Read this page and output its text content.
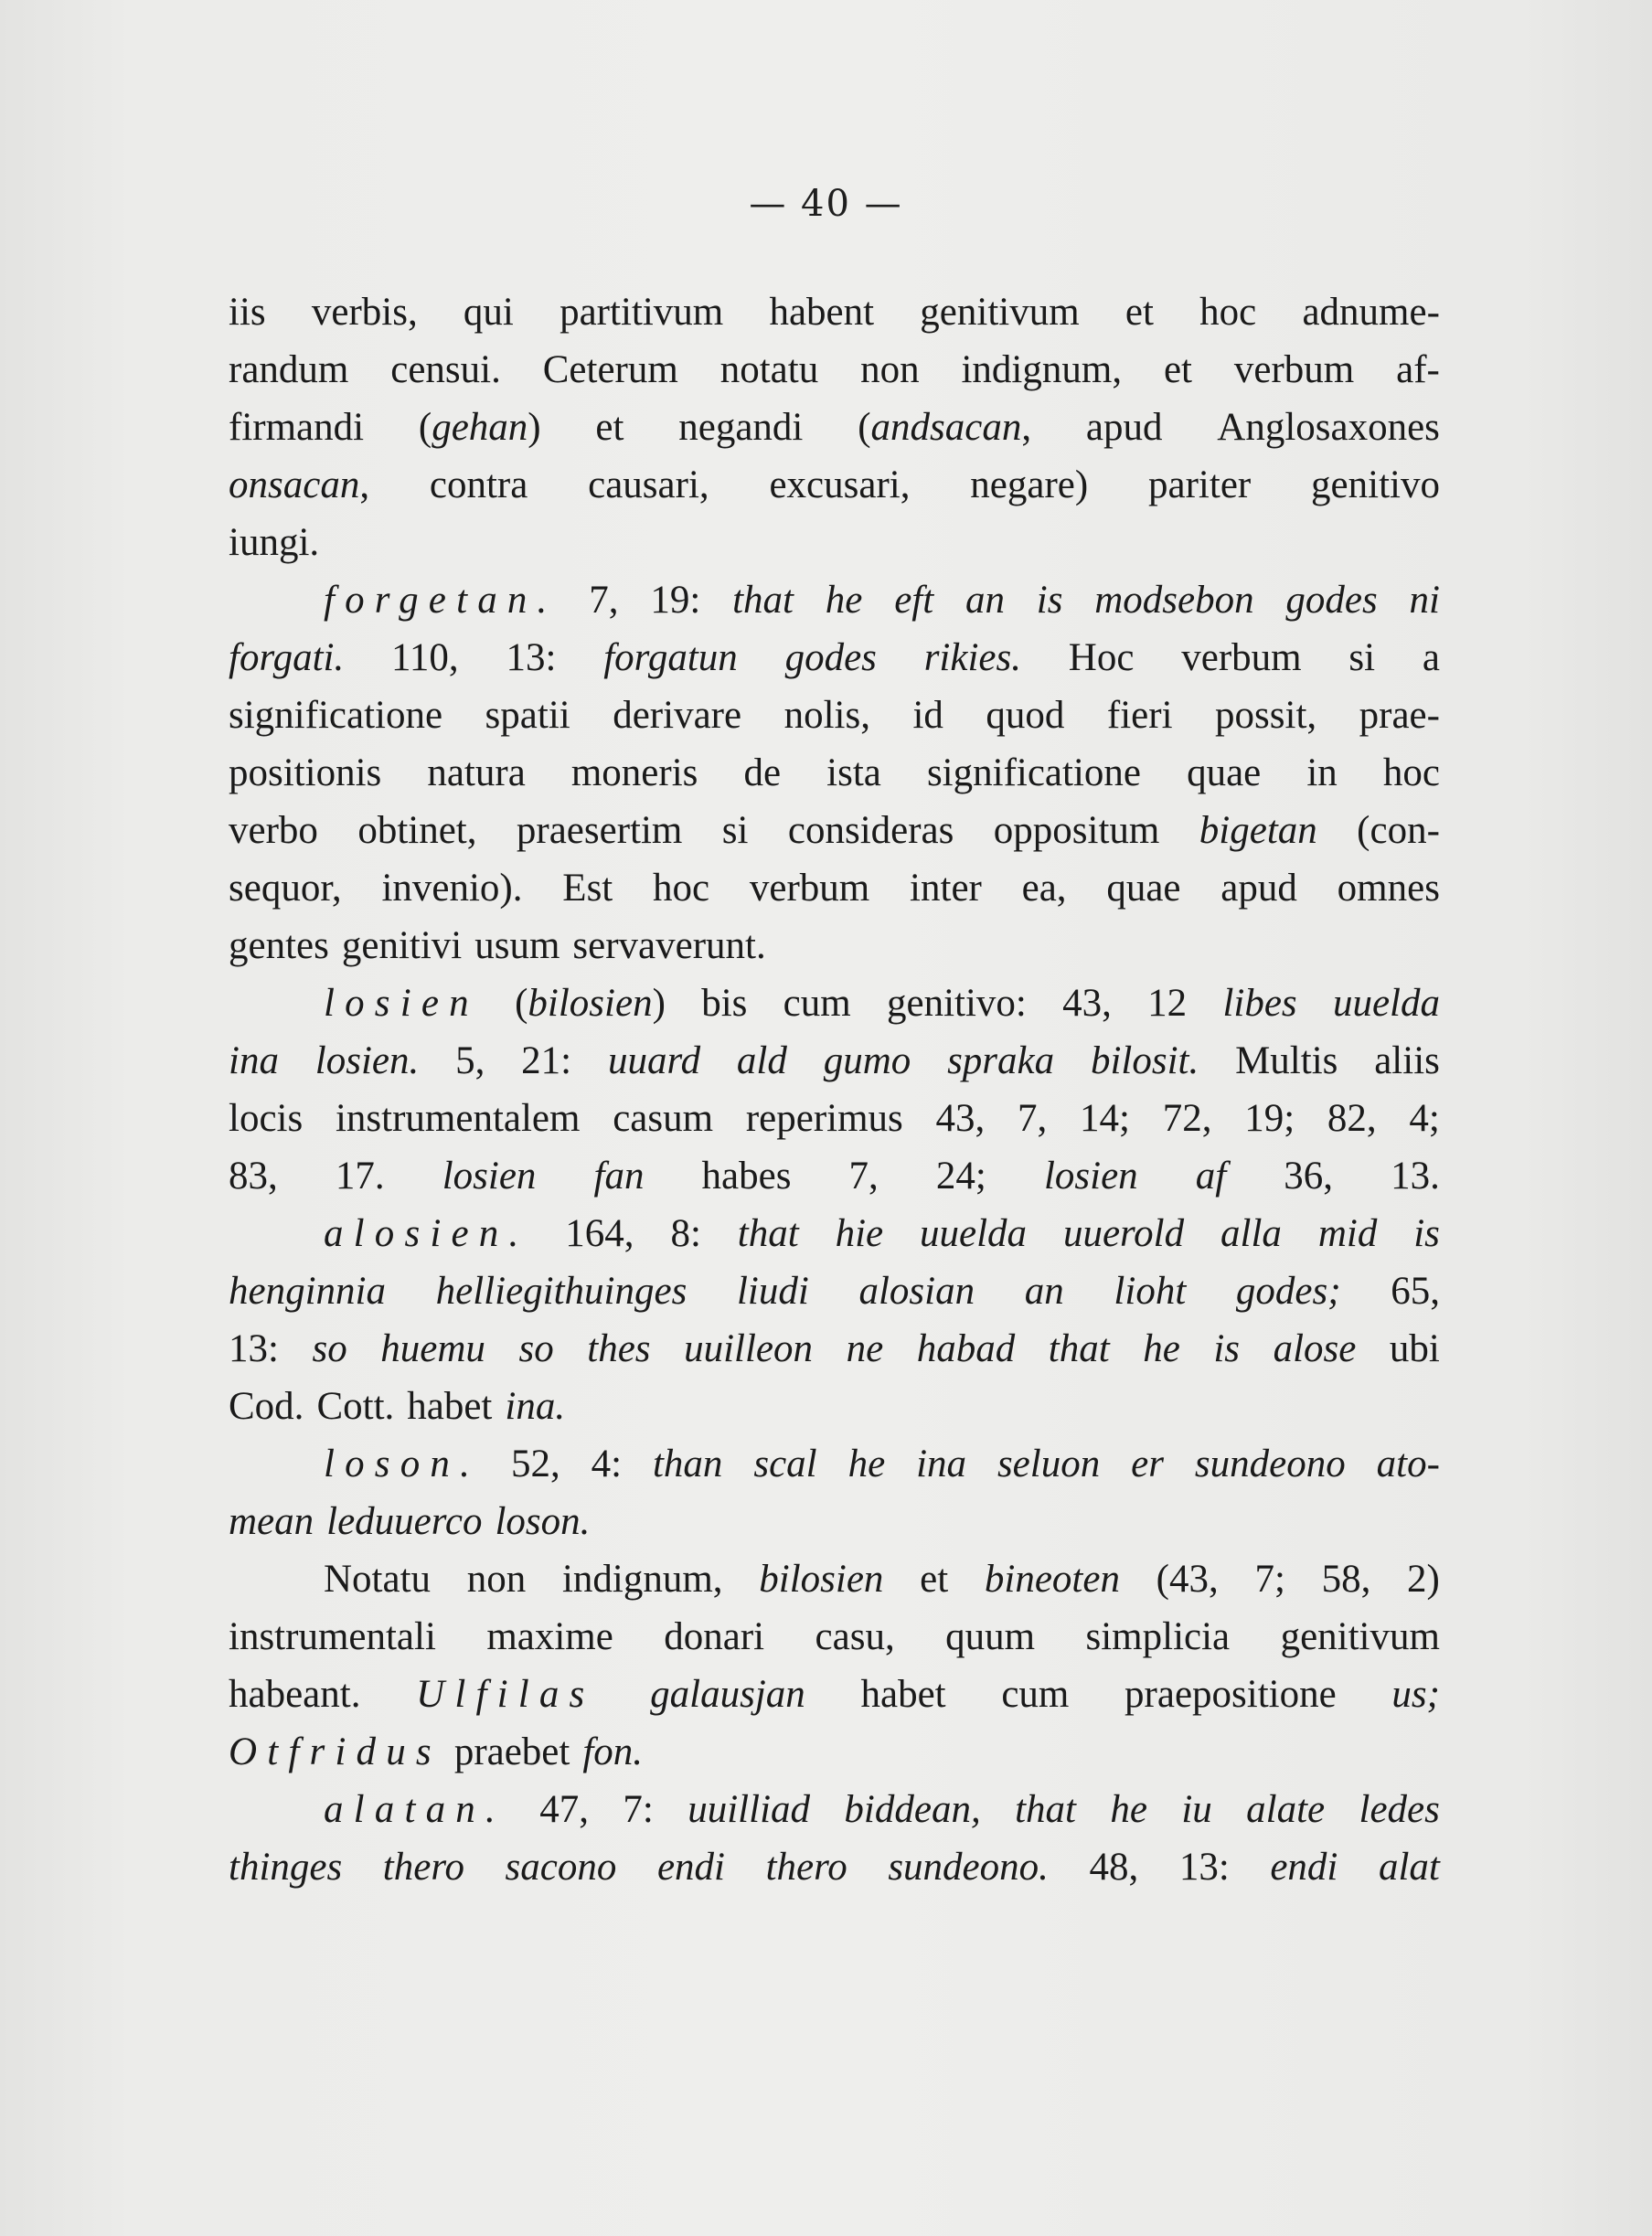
— 40 —
iis verbis, qui partitivum habent genitivum et hoc adnume-
randum censui. Ceterum notatu non indignum, et verbum af-
firmandi (gehan) et negandi (andsacan, apud Anglosaxones
onsacan, contra causari, excusari, negare) pariter genitivo
iungi.
forgetan. 7, 19: that he eft an is modsebon godes ni
forgati. 110, 13: forgatun godes rikies. Hoc verbum si a
significatione spatii derivare nolis, id quod fieri possit, prae-
positionis natura moneris de ista significatione quae in hoc
verbo obtinet, praesertim si consideras oppositum bigetan (con-
sequor, invenio). Est hoc verbum inter ea, quae apud omnes
gentes genitivi usum servaverunt.
losien (bilosien) bis cum genitivo: 43, 12 libes uuelda
ina losien. 5, 21: uuard ald gumo spraka bilosit. Multis aliis
locis instrumentalem casum reperimus 43, 7, 14; 72, 19; 82, 4;
83, 17. losien fan habes 7, 24; losien af 36, 13.
alosien. 164, 8: that hie uuelda uuerold alla mid is
henginnia helliegithuinges liudi alosian an lioht godes; 65,
13: so huemu so thes uuilleon ne habad that he is alose ubi
Cod. Cott. habet ina.
loson. 52, 4: than scal he ina seluon er sundeono ato-
mean leduuerco loson.
Notatu non indignum, bilosien et bineoten (43, 7; 58, 2)
instrumentali maxime donari casu, quum simplicia genitivum
habeant. Ulfilas galausjan habet cum praepositione us;
Otfridus praebet fon.
alatan. 47, 7: uuilliad biddean, that he iu alate ledes
thinges thero sacono endi thero sundeono. 48, 13: endi alat
